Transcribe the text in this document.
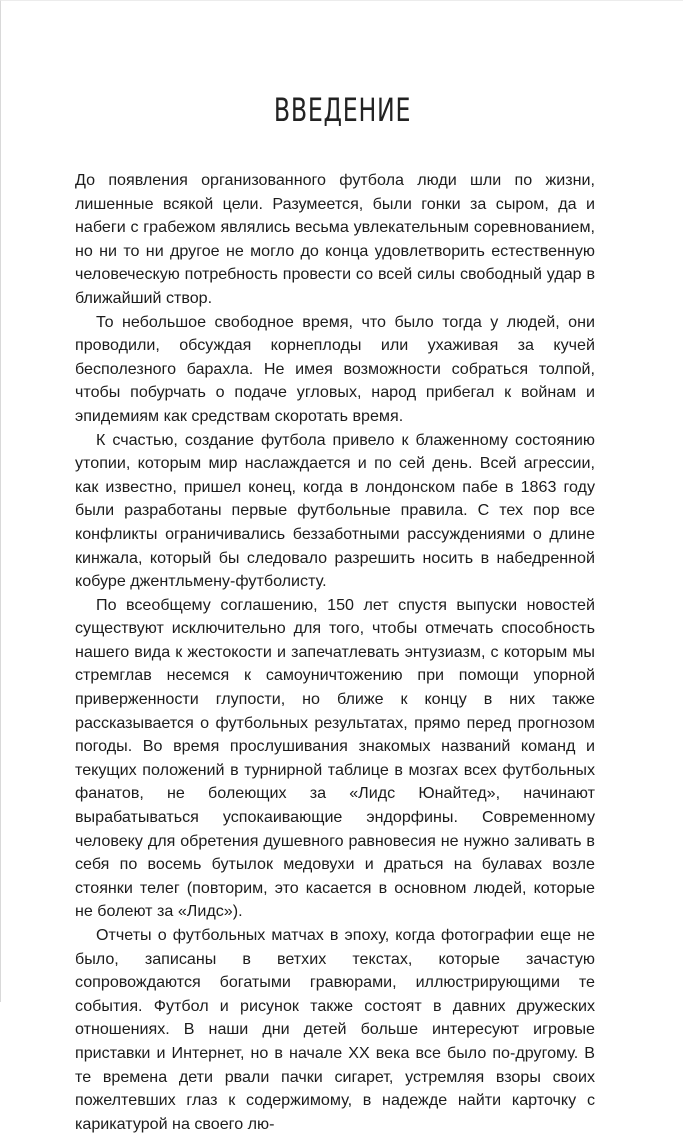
ВВЕДЕНИЕ

До появления организованного футбола люди шли по жизни, лишенные всякой цели. Разумеется, были гонки за сыром, да и набеги с грабежом являлись весьма увлекательным соревнованием, но ни то ни другое не могло до конца удовлетворить естественную человеческую потребность провести со всей силы свободный удар в ближайший створ.

То небольшое свободное время, что было тогда у людей, они проводили, обсуждая корнеплоды или ухаживая за кучей бесполезного барахла. Не имея возможности собраться толпой, чтобы побурчать о подаче угловых, народ прибегал к войнам и эпидемиям как средствам скоротать время.

К счастью, создание футбола привело к блаженному состоянию утопии, которым мир наслаждается и по сей день. Всей агрессии, как известно, пришел конец, когда в лондонском пабе в 1863 году были разработаны первые футбольные правила. С тех пор все конфликты ограничивались беззаботными рассуждениями о длине кинжала, который бы следовало разрешить носить в набедренной кобуре джентльмену-футболисту.

По всеобщему соглашению, 150 лет спустя выпуски новостей существуют исключительно для того, чтобы отмечать способность нашего вида к жестокости и запечатлевать энтузиазм, с которым мы стремглав несемся к самоуничтожению при помощи упорной приверженности глупости, но ближе к концу в них также рассказывается о футбольных результатах, прямо перед прогнозом погоды. Во время прослушивания знакомых названий команд и текущих положений в турнирной таблице в мозгах всех футбольных фанатов, не болеющих за «Лидс Юнайтед», начинают вырабатываться успокаивающие эндорфины. Современному человеку для обретения душевного равновесия не нужно заливать в себя по восемь бутылок медовухи и драться на булавах возле стоянки телег (повторим, это касается в основном людей, которые не болеют за «Лидс»).

Отчеты о футбольных матчах в эпоху, когда фотографии еще не было, записаны в ветхих текстах, которые зачастую сопровождаются богатыми гравюрами, иллюстрирующими те события. Футбол и рисунок также состоят в давних дружеских отношениях. В наши дни детей больше интересуют игровые приставки и Интернет, но в начале XX века все было по-другому. В те времена дети рвали пачки сигарет, устремляя взоры своих пожелтевших глаз к содержимому, в надежде найти карточку с карикатурой на своего лю-
